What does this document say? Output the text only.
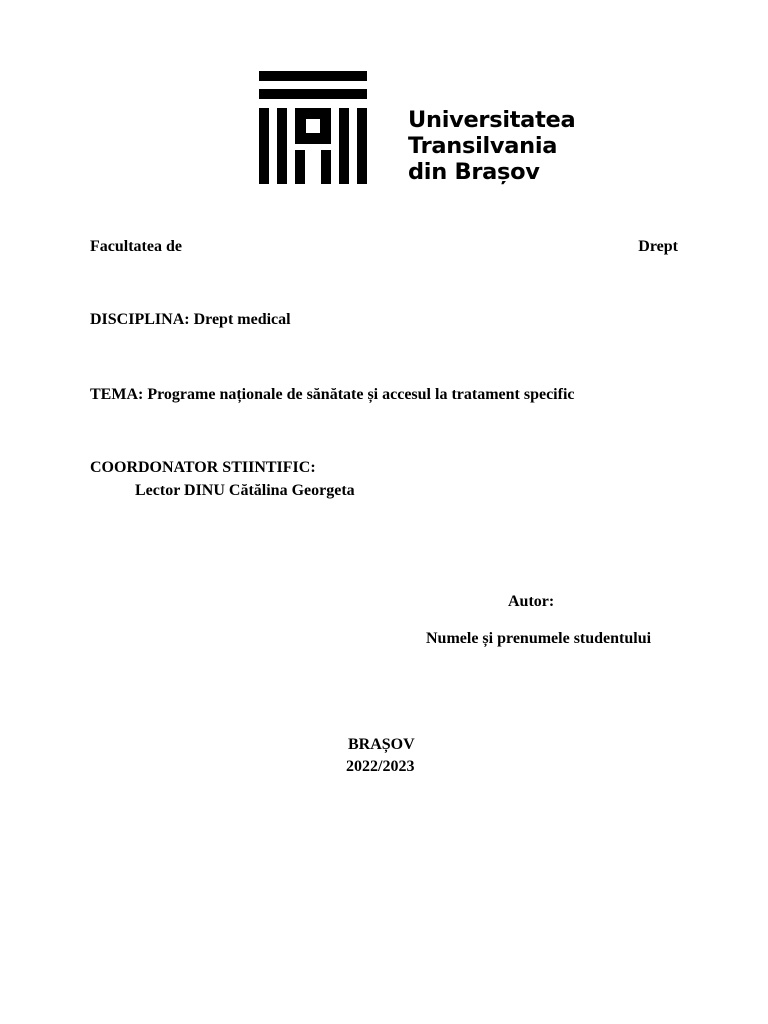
Universitatea
Transilvania
din Brașov
Facultatea de	Drept
DISCIPLINA: Drept medical
TEMA: Programe naționale de sănătate și accesul la tratament specific
COORDONATOR STIINTIFIC:
Lector DINU Cătălina Georgeta
Autor:
Numele și prenumele studentului
BRAȘOV
2022/2023
